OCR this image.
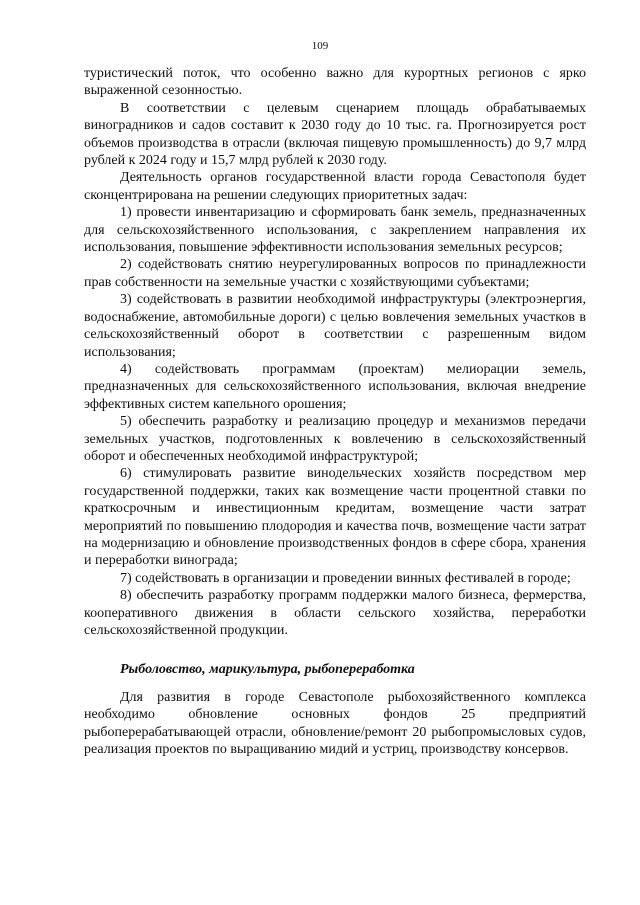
109

туристический поток, что особенно важно для курортных регионов с ярко выраженной сезонностью.

В соответствии с целевым сценарием площадь обрабатываемых виноградников и садов составит к 2030 году до 10 тыс. га. Прогнозируется рост объемов производства в отрасли (включая пищевую промышленность) до 9,7 млрд рублей к 2024 году и 15,7 млрд рублей к 2030 году.

Деятельность органов государственной власти города Севастополя будет сконцентрирована на решении следующих приоритетных задач:

1) провести инвентаризацию и сформировать банк земель, предназначенных для сельскохозяйственного использования, с закреплением направления их использования, повышение эффективности использования земельных ресурсов;

2) содействовать снятию неурегулированных вопросов по принадлежности прав собственности на земельные участки с хозяйствующими субъектами;

3) содействовать в развитии необходимой инфраструктуры (электроэнергия, водоснабжение, автомобильные дороги) с целью вовлечения земельных участков в сельскохозяйственный оборот в соответствии с разрешенным видом использования;

4) содействовать программам (проектам) мелиорации земель, предназначенных для сельскохозяйственного использования, включая внедрение эффективных систем капельного орошения;

5) обеспечить разработку и реализацию процедур и механизмов передачи земельных участков, подготовленных к вовлечению в сельскохозяйственный оборот и обеспеченных необходимой инфраструктурой;

6) стимулировать развитие винодельческих хозяйств посредством мер государственной поддержки, таких как возмещение части процентной ставки по краткосрочным и инвестиционным кредитам, возмещение части затрат мероприятий по повышению плодородия и качества почв, возмещение части затрат на модернизацию и обновление производственных фондов в сфере сбора, хранения и переработки винограда;

7) содействовать в организации и проведении винных фестивалей в городе;

8) обеспечить разработку программ поддержки малого бизнеса, фермерства, кооперативного движения в области сельского хозяйства, переработки сельскохозяйственной продукции.

Рыболовство, марикультура, рыбопереработка

Для развития в городе Севастополе рыбохозяйственного комплекса необходимо обновление основных фондов 25 предприятий рыбоперерабатывающей отрасли, обновление/ремонт 20 рыбопромысловых судов, реализация проектов по выращиванию мидий и устриц, производству консервов.
